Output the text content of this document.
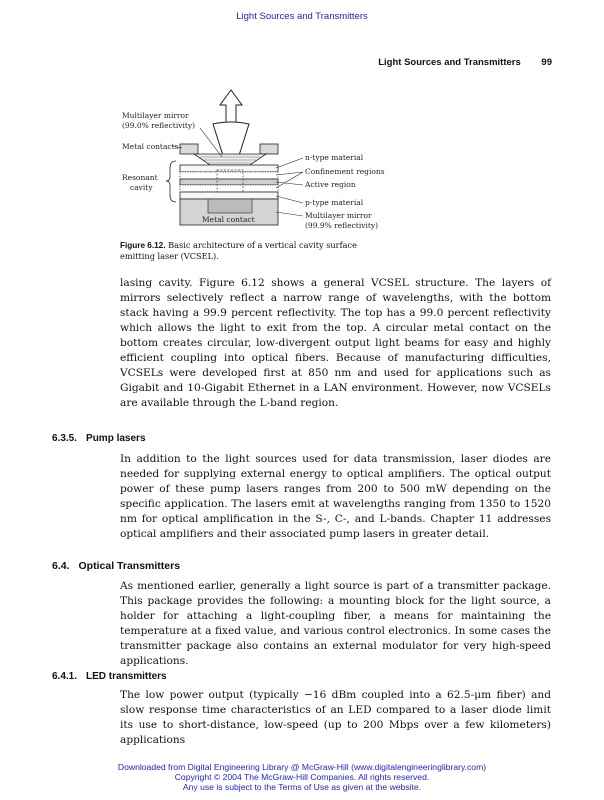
Light Sources and Transmitters
Light Sources and Transmitters 99
Metal contact
Multilayer mirror
(99.0% reflectivity)
Metal contacts
Resonant
cavity
n-type material
Confinement regions
Active region
p-type material
Multilayer mirror
(99.9% reflectivity)
Figure 6.12. Basic architecture of a vertical cavity surface emitting laser (VCSEL).

lasing cavity. Figure 6.12 shows a general VCSEL structure. The layers of mirrors selectively reflect a narrow range of wavelengths, with the bottom stack having a 99.9 percent reflectivity. The top has a 99.0 percent reflectivity which allows the light to exit from the top. A circular metal contact on the bottom creates circular, low-divergent output light beams for easy and highly efficient coupling into optical fibers. Because of manufacturing difficulties, VCSELs were developed first at 850 nm and used for applications such as Gigabit and 10-Gigabit Ethernet in a LAN environment. However, now VCSELs are available through the L-band region.

6.3.5. Pump lasers

In addition to the light sources used for data transmission, laser diodes are needed for supplying external energy to optical amplifiers. The optical output power of these pump lasers ranges from 200 to 500 mW depending on the specific application. The lasers emit at wavelengths ranging from 1350 to 1520 nm for optical amplification in the S-, C-, and L-bands. Chapter 11 addresses optical amplifiers and their associated pump lasers in greater detail.

6.4. Optical Transmitters

As mentioned earlier, generally a light source is part of a transmitter package. This package provides the following: a mounting block for the light source, a holder for attaching a light-coupling fiber, a means for maintaining the temperature at a fixed value, and various control electronics. In some cases the transmitter package also contains an external modulator for very high-speed applications.

6.4.1. LED transmitters

The low power output (typically −16 dBm coupled into a 62.5-μm fiber) and slow response time characteristics of an LED compared to a laser diode limit its use to short-distance, low-speed (up to 200 Mbps over a few kilometers) applications

Downloaded from Digital Engineering Library @ McGraw-Hill (www.digitalengineeringlibrary.com)
Copyright © 2004 The McGraw-Hill Companies. All rights reserved.
Any use is subject to the Terms of Use as given at the website.
